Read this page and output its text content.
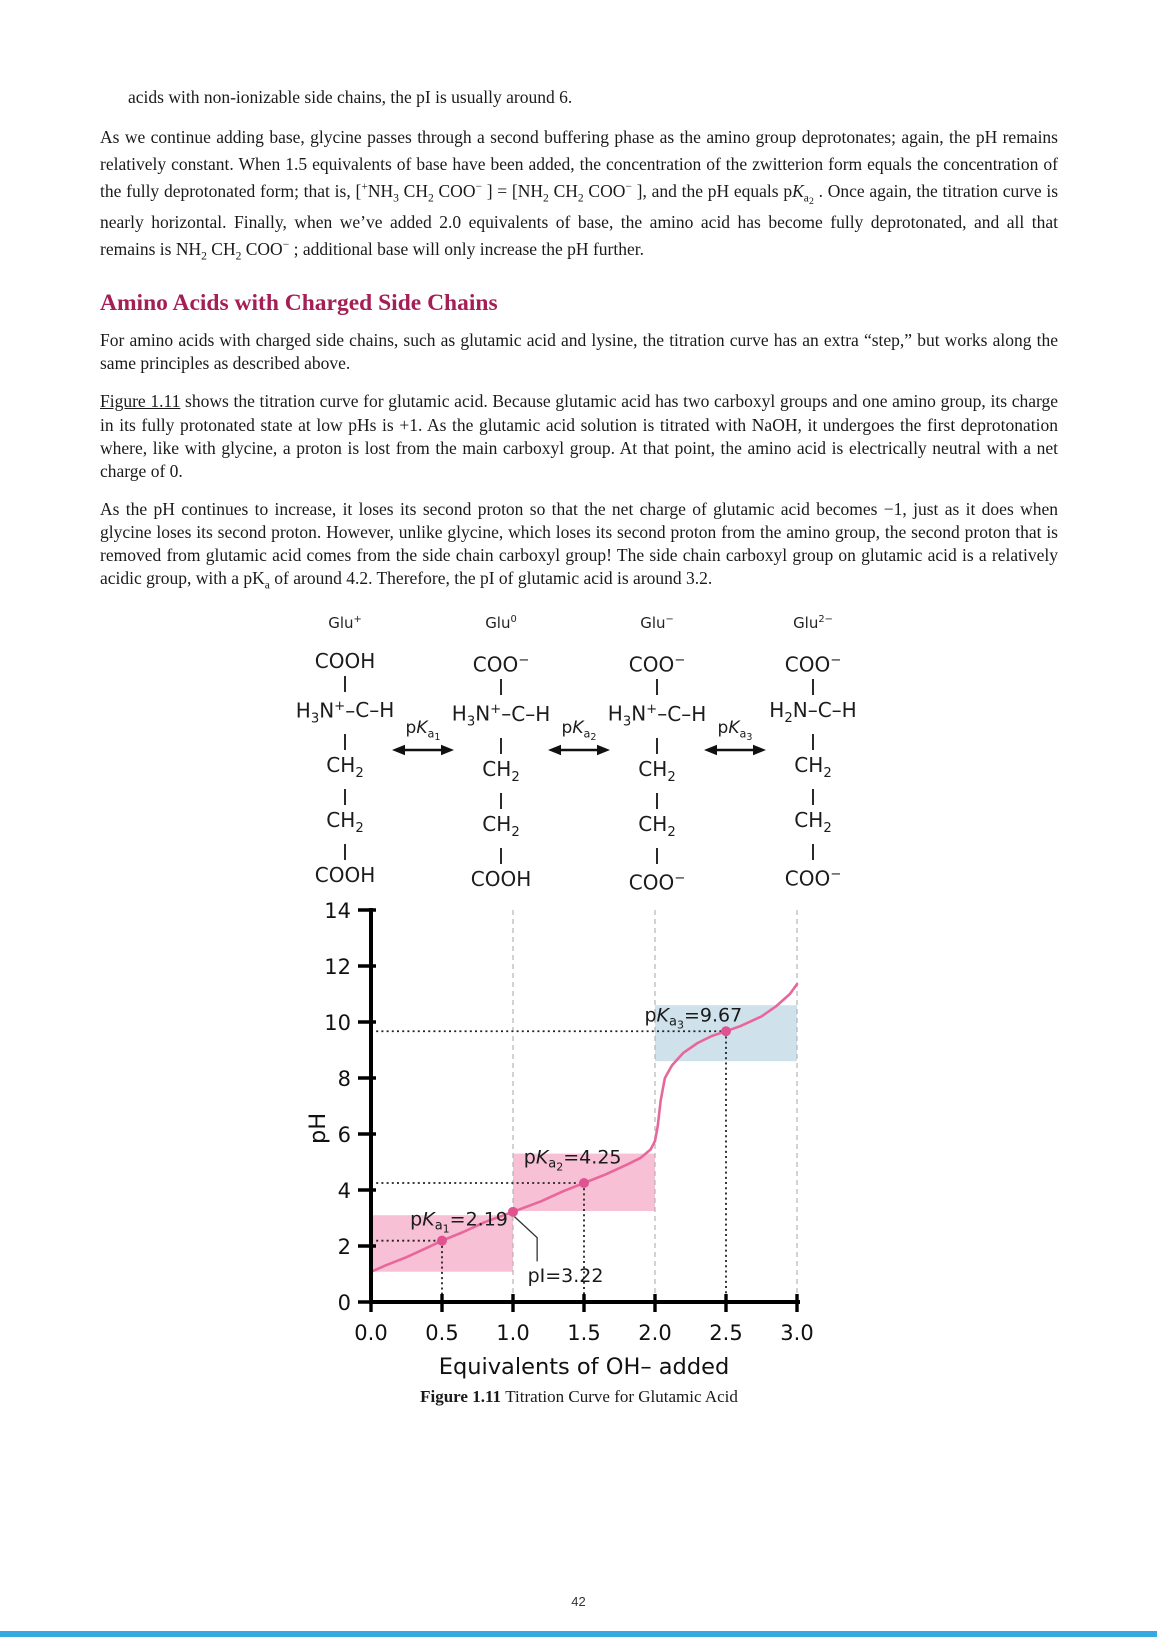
acids with non-ionizable side chains, the pI is usually around 6.

As we continue adding base, glycine passes through a second buffering phase as the amino group deprotonates; again, the pH remains relatively constant. When 1.5 equivalents of base have been added, the concentration of the zwitterion form equals the concentration of the fully deprotonated form; that is, [$^+NH_3$ $CH_2$ COO− ] = [$NH_2$ $CH_2$ COO− ], and the pH equals $pK_{a2}$ . Once again, the titration curve is nearly horizontal. Finally, when we’ve added 2.0 equivalents of base, the amino acid has become fully deprotonated, and all that remains is $NH_2$ $CH_2$ COO− ; additional base will only increase the pH further.

Amino Acids with Charged Side Chains

For amino acids with charged side chains, such as glutamic acid and lysine, the titration curve has an extra “step,” but works along the same principles as described above.

Figure 1.11 shows the titration curve for glutamic acid. Because glutamic acid has two carboxyl groups and one amino group, its charge in its fully protonated state at low pHs is +1. As the glutamic acid solution is titrated with NaOH, it undergoes the first deprotonation where, like with glycine, a proton is lost from the main carboxyl group. At that point, the amino acid is electrically neutral with a net charge of 0.

As the pH continues to increase, it loses its second proton so that the net charge of glutamic acid becomes −1, just as it does when glycine loses its second proton. However, unlike glycine, which loses its second proton from the amino group, the second proton that is removed from glutamic acid comes from the side chain carboxyl group! The side chain carboxyl group on glutamic acid is a relatively acidic group, with a $pK_a$ of around 4.2. Therefore, the pI of glutamic acid is around 3.2.

Glu+
COOH
$H_3N^+-$ C –H
$CH_2$
$CH_2$
COOH
$pK_{a1}$
Glu$^0$
COO−
$H_3N^+-$ C –H
$CH_2$
$CH_2$
COOH
$pK_{a2}$
Glu−
COO−
$H_3N^+-$ C –H
$CH_2$
$CH_2$
COO−
$pK_{a3}$
Glu$^{2-}$
COO−
$H_2N-$ C –H
$CH_2$
$CH_2$
COO−
0
2
4
6
8
10
12
14
0.0 0.5 1.0 1.5 2.0 2.5 3.0
Equivalents of OH– added
pH
$pK_a1=2.19$
$pK_a2=4.25$
$pK_a3=9.67$
pI=3.22

Figure 1.11 Titration Curve for Glutamic Acid

42
